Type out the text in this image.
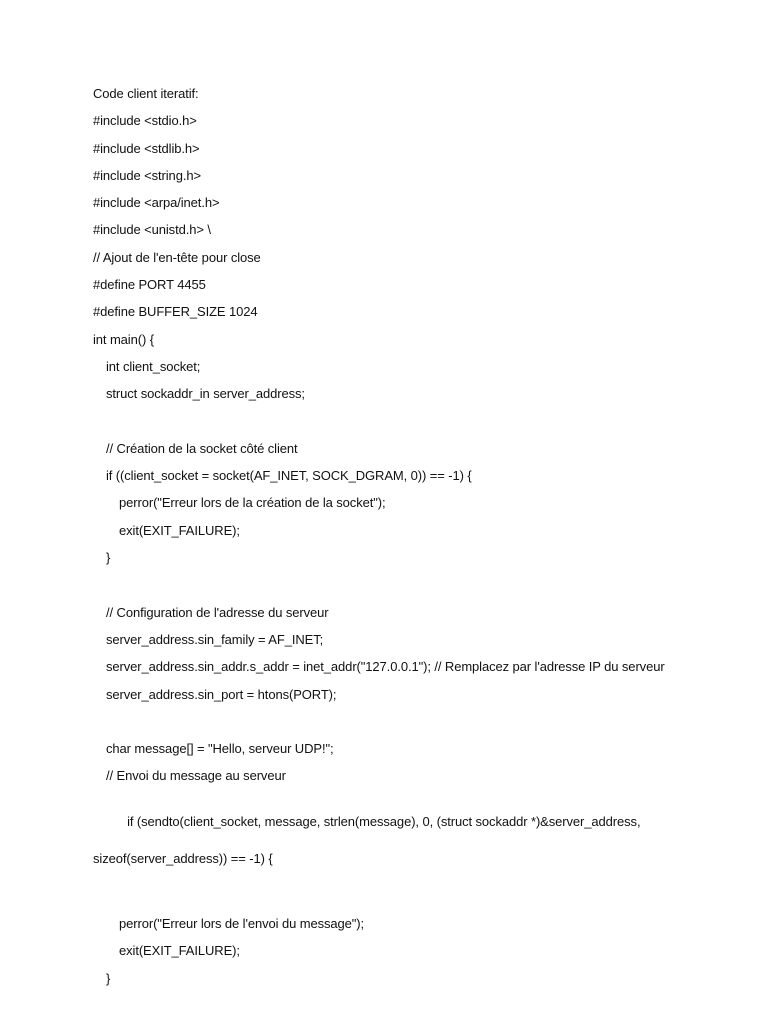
Code client iteratif:
#include <stdio.h>
#include <stdlib.h>
#include <string.h>
#include <arpa/inet.h>
#include <unistd.h> \
// Ajout de l'en-tête pour close
#define PORT 4455
#define BUFFER_SIZE 1024
int main() {
int client_socket;
struct sockaddr_in server_address;
// Création de la socket côté client
if ((client_socket = socket(AF_INET, SOCK_DGRAM, 0)) == -1) {
perror("Erreur lors de la création de la socket");
exit(EXIT_FAILURE);
}
// Configuration de l'adresse du serveur
server_address.sin_family = AF_INET;
server_address.sin_addr.s_addr = inet_addr("127.0.0.1"); // Remplacez par l'adresse IP du serveur
server_address.sin_port = htons(PORT);
char message[] = "Hello, serveur UDP!";
// Envoi du message au serveur

if (sendto(client_socket, message, strlen(message), 0, (struct sockaddr *)&server_address,

sizeof(server_address)) == -1) {

perror("Erreur lors de l'envoi du message");
exit(EXIT_FAILURE);
}
